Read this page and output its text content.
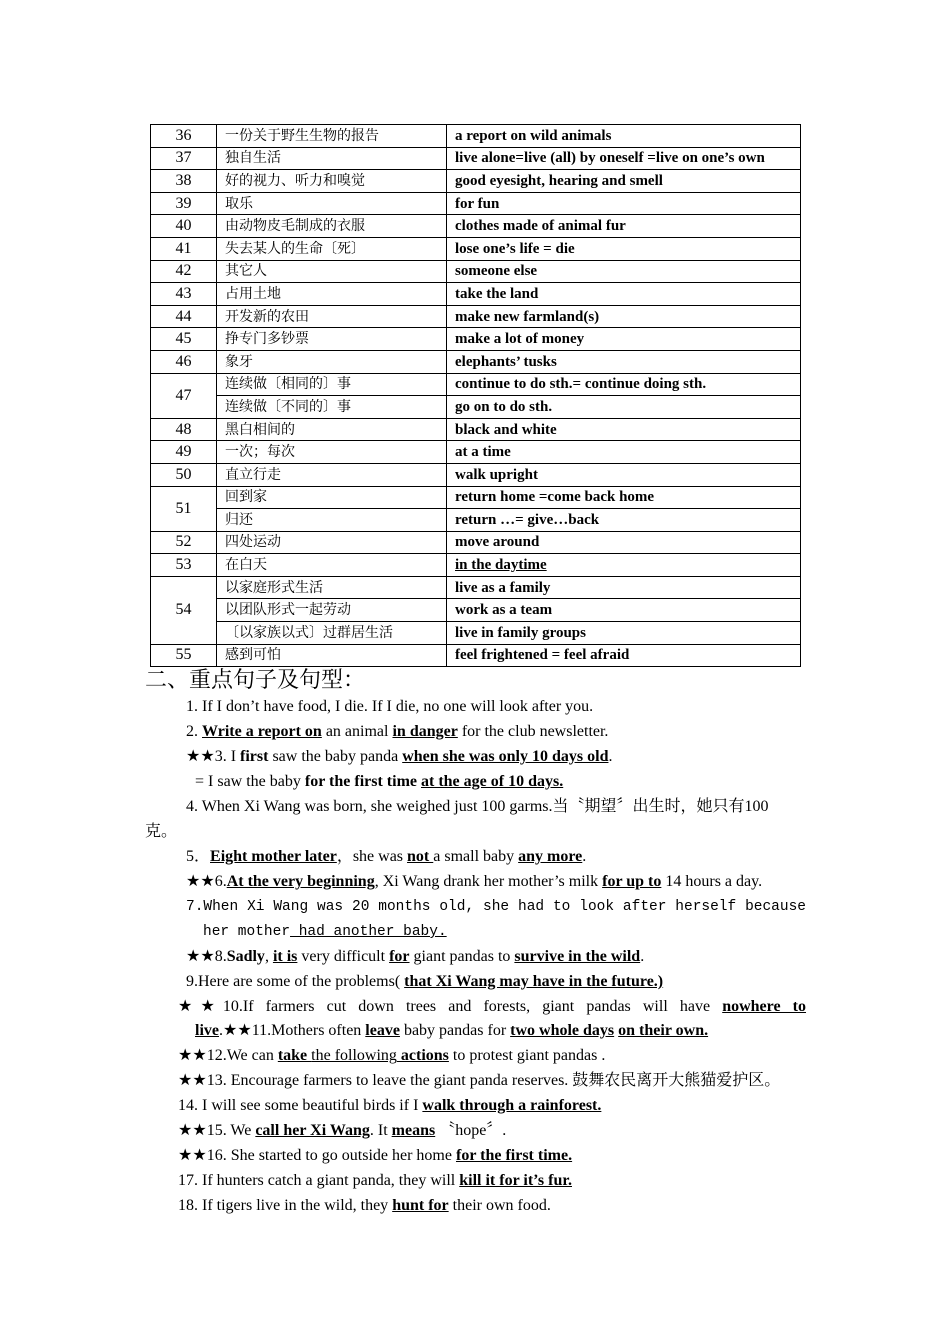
36	一份关于野生生物的报告	a report on wild animals
37	独自生活	live alone=live (all) by oneself =live on one’s own
38	好的视力、听力和嗅觉	good eyesight, hearing and smell
39	取乐	for fun
40	由动物皮毛制成的衣服	clothes made of animal fur
41	失去某人的生命〔死〕	lose one’s life = die
42	其它人	someone else
43	占用土地	take the land
44	开发新的农田	make new farmland(s)
45	挣专门多钞票	make a lot of money
46	象牙	elephants’ tusks
47	连续做〔相同的〕事	continue to do sth.= continue doing sth.
	连续做〔不同的〕事	go on to do sth.
48	黑白相间的	black and white
49	一次；每次	at a time
50	直立行走	walk upright
51	回到家	return home =come back home
	归还	return …= give…back
52	四处运动	move around
53	在白天	in the daytime
54	以家庭形式生活	live as a family
	以团队形式一起劳动	work as a team
	〔以家族以式〕过群居生活	live in family groups
55	感到可怕	feel frightened = feel afraid
二、重点句子及句型：
1. If I don’t have food, I die. If I die, no one will look after you.
2. Write a report on an animal in danger for the club newsletter.
★★3. I first saw the baby panda when she was only 10 days old.
= I saw the baby for the first time at the age of 10 days.
4. When Xi Wang was born, she weighed just 100 garms.当〝期望〞出生时，她只有100
克。
5．Eight mother later，she was not a small baby any more.
★★6.At the very beginning, Xi Wang drank her mother’s milk for up to 14 hours a day.
7.When Xi Wang was 20 months old, she had to look after herself because
her mother had another baby.
★★8.Sadly, it is very difficult for giant pandas to survive in the wild.
9.Here are some of the problems( that Xi Wang may have in the future.)
★★10.If farmers cut down trees and forests, giant pandas will have nowhere to
live.★★11.Mothers often leave baby pandas for two whole days on their own.
★★12.We can take the following actions to protest giant pandas .
★★13. Encourage farmers to leave the giant panda reserves. 鼓舞农民离开大熊猫爱护区。
14. I will see some beautiful birds if I walk through a rainforest.
★★15. We call her Xi Wang. It means 〝hope〞.
★★16. She started to go outside her home for the first time.
17. If hunters catch a giant panda, they will kill it for it’s fur.
18. If tigers live in the wild, they hunt for their own food.
